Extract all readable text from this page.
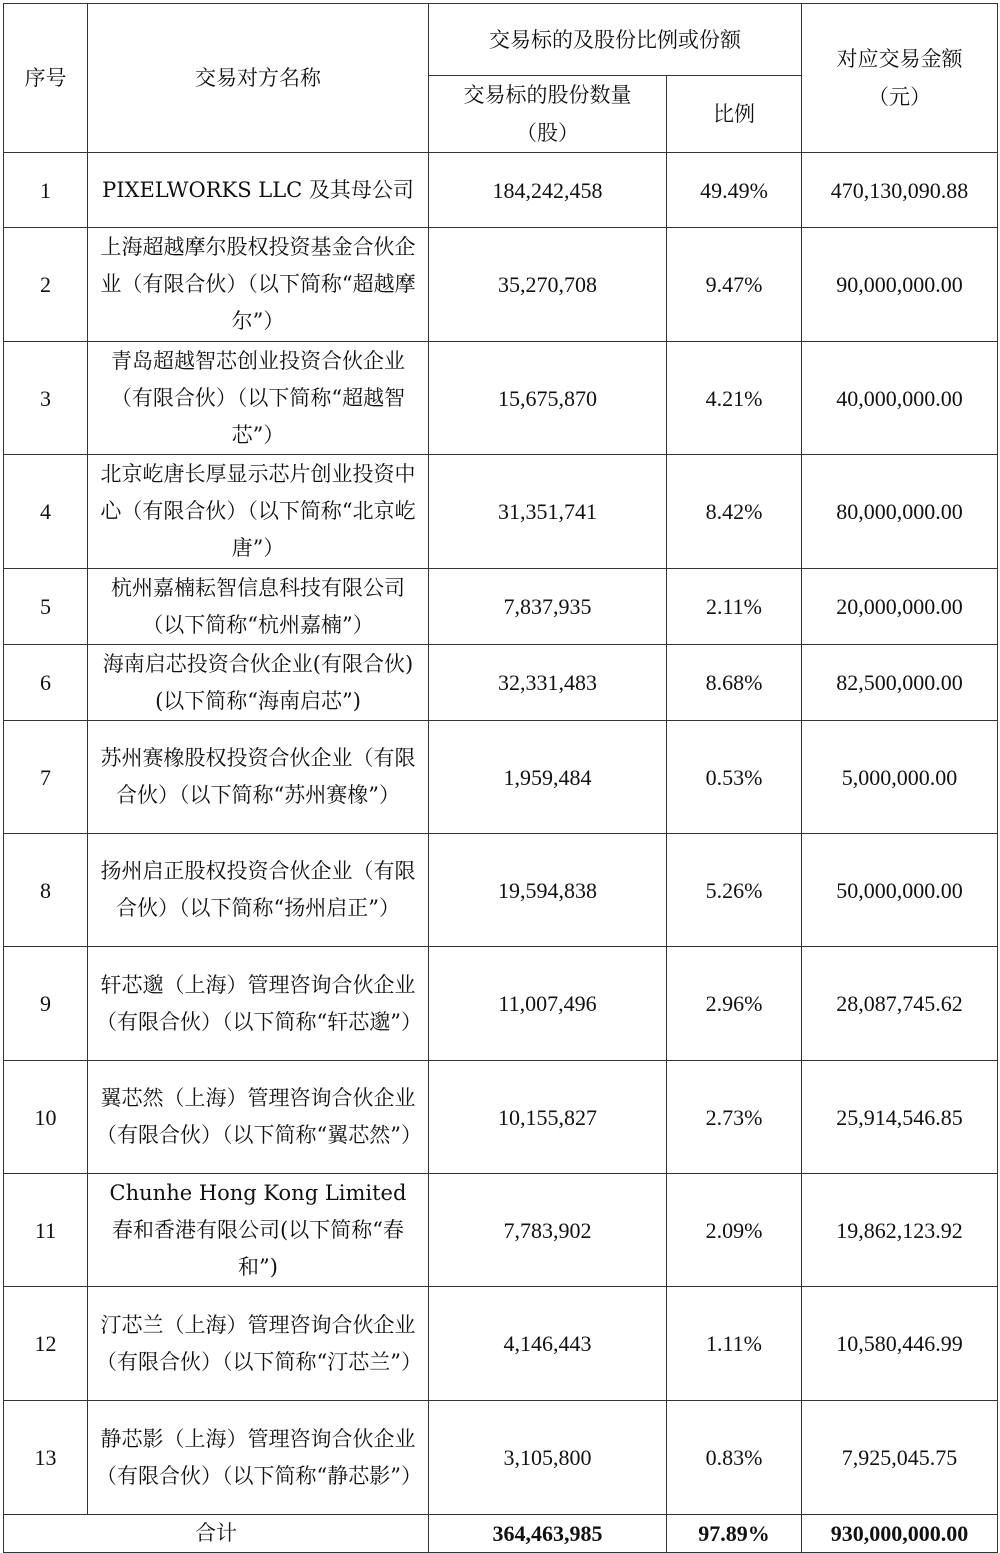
序号	交易对方名称	交易标的及股份比例或份额		对应交易金额（元）
		交易标的股份数量（股）	比例	
1	PIXELWORKS LLC 及其母公司	184,242,458	49.49%	470,130,090.88
2	上海超越摩尔股权投资基金合伙企业（有限合伙）（以下简称“超越摩尔”）	35,270,708	9.47%	90,000,000.00
3	青岛超越智芯创业投资合伙企业（有限合伙）（以下简称“超越智芯”）	15,675,870	4.21%	40,000,000.00
4	北京屹唐长厚显示芯片创业投资中心（有限合伙）（以下简称“北京屹唐”）	31,351,741	8.42%	80,000,000.00
5	杭州嘉楠耘智信息科技有限公司（以下简称“杭州嘉楠”）	7,837,935	2.11%	20,000,000.00
6	海南启芯投资合伙企业(有限合伙)(以下简称“海南启芯”)	32,331,483	8.68%	82,500,000.00
7	苏州赛橡股权投资合伙企业（有限合伙）（以下简称“苏州赛橡”）	1,959,484	0.53%	5,000,000.00
8	扬州启正股权投资合伙企业（有限合伙）（以下简称“扬州启正”）	19,594,838	5.26%	50,000,000.00
9	轩芯邈（上海）管理咨询合伙企业（有限合伙）（以下简称“轩芯邈”）	11,007,496	2.96%	28,087,745.62
10	翼芯然（上海）管理咨询合伙企业（有限合伙）（以下简称“翼芯然”）	10,155,827	2.73%	25,914,546.85
11	Chunhe Hong Kong Limited 春和香港有限公司(以下简称“春和”)	7,783,902	2.09%	19,862,123.92
12	汀芯兰（上海）管理咨询合伙企业（有限合伙）（以下简称“汀芯兰”）	4,146,443	1.11%	10,580,446.99
13	静芯影（上海）管理咨询合伙企业（有限合伙）（以下简称“静芯影”）	3,105,800	0.83%	7,925,045.75
合计		364,463,985	97.89%	930,000,000.00
